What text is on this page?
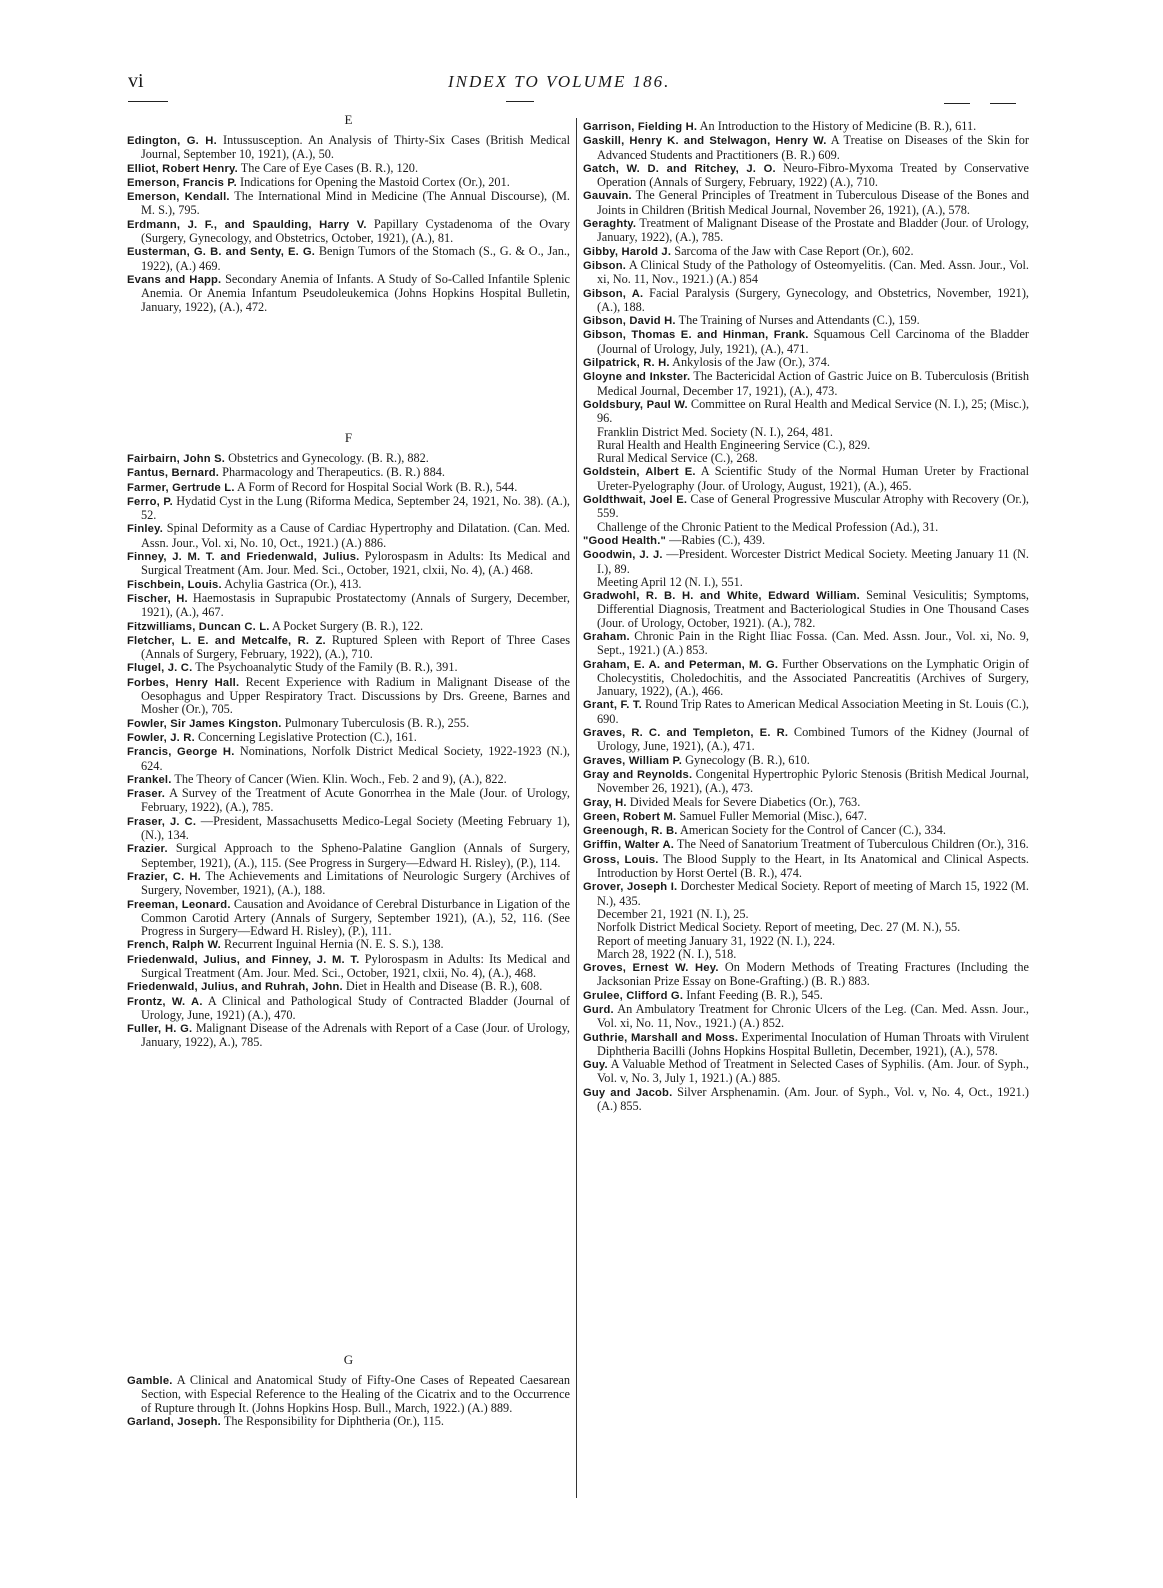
vi	INDEX TO VOLUME 186.
E
Edington, G. H. Intussusception. An Analysis of Thirty-Six Cases (British Medical Journal, September 10, 1921), (A.), 50.
Elliot, Robert Henry. The Care of Eye Cases (B. R.), 120.
Emerson, Francis P. Indications for Opening the Mastoid Cortex (Or.), 201.
Emerson, Kendall. The International Mind in Medicine (The Annual Discourse), (M. M. S.), 795.
Erdmann, J. F., and Spaulding, Harry V. Papillary Cystadenoma of the Ovary (Surgery, Gynecology, and Obstetrics, October, 1921), (A.), 81.
Eusterman, G. B. and Senty, E. G. Benign Tumors of the Stomach (S., G. & O., Jan., 1922), (A.) 469.
Evans and Happ. Secondary Anemia of Infants. A Study of So-Called Infantile Splenic Anemia. Or Anemia Infantum Pseudoleukemica (Johns Hopkins Hospital Bulletin, January, 1922), (A.), 472.
F
Fairbairn, John S. Obstetrics and Gynecology. (B. R.), 882.
Fantus, Bernard. Pharmacology and Therapeutics. (B. R.) 884.
Farmer, Gertrude L. A Form of Record for Hospital Social Work (B. R.), 544.
Ferro, P. Hydatid Cyst in the Lung (Riforma Medica, September 24, 1921, No. 38). (A.), 52.
Finley. Spinal Deformity as a Cause of Cardiac Hypertrophy and Dilatation. (Can. Med. Assn. Jour., Vol. xi, No. 10, Oct., 1921.) (A.) 886.
Finney, J. M. T. and Friedenwald, Julius. Pylorospasm in Adults: Its Medical and Surgical Treatment (Am. Jour. Med. Sci., October, 1921, clxii, No. 4), (A.) 468.
Fischbein, Louis. Achylia Gastrica (Or.), 413.
Fischer, H. Haemostasis in Suprapubic Prostatectomy (Annals of Surgery, December, 1921), (A.), 467.
Fitzwilliams, Duncan C. L. A Pocket Surgery (B. R.), 122.
Fletcher, L. E. and Metcalfe, R. Z. Ruptured Spleen with Report of Three Cases (Annals of Surgery, February, 1922), (A.), 710.
Flugel, J. C. The Psychoanalytic Study of the Family (B. R.), 391.
Forbes, Henry Hall. Recent Experience with Radium in Malignant Disease of the Oesophagus and Upper Respiratory Tract. Discussions by Drs. Greene, Barnes and Mosher (Or.), 705.
Fowler, Sir James Kingston. Pulmonary Tuberculosis (B. R.), 255.
Fowler, J. R. Concerning Legislative Protection (C.), 161.
Francis, George H. Nominations, Norfolk District Medical Society, 1922-1923 (N.), 624.
Frankel. The Theory of Cancer (Wien. Klin. Woch., Feb. 2 and 9), (A.), 822.
Fraser. A Survey of the Treatment of Acute Gonorrhea in the Male (Jour. of Urology, February, 1922), (A.), 785.
Fraser, J. C. —President, Massachusetts Medico-Legal Society (Meeting February 1), (N.), 134.
Frazier. Surgical Approach to the Spheno-Palatine Ganglion (Annals of Surgery, September, 1921), (A.), 115. (See Progress in Surgery—Edward H. Risley), (P.), 114.
Frazier, C. H. The Achievements and Limitations of Neurologic Surgery (Archives of Surgery, November, 1921), (A.), 188.
Freeman, Leonard. Causation and Avoidance of Cerebral Disturbance in Ligation of the Common Carotid Artery (Annals of Surgery, September 1921), (A.), 52, 116. (See Progress in Surgery—Edward H. Risley), (P.), 111.
French, Ralph W. Recurrent Inguinal Hernia (N. E. S. S.), 138.
Friedenwald, Julius, and Finney, J. M. T. Pylorospasm in Adults: Its Medical and Surgical Treatment (Am. Jour. Med. Sci., October, 1921, clxii, No. 4), (A.), 468.
Friedenwald, Julius, and Ruhrah, John. Diet in Health and Disease (B. R.), 608.
Frontz, W. A. A Clinical and Pathological Study of Contracted Bladder (Journal of Urology, June, 1921) (A.), 470.
Fuller, H. G. Malignant Disease of the Adrenals with Report of a Case (Jour. of Urology, January, 1922), A.), 785.
G
Gamble. A Clinical and Anatomical Study of Fifty-One Cases of Repeated Caesarean Section, with Especial Reference to the Healing of the Cicatrix and to the Occurrence of Rupture through It. (Johns Hopkins Hosp. Bull., March, 1922.) (A.) 889.
Garland, Joseph. The Responsibility for Diphtheria (Or.), 115.
Garrison, Fielding H. An Introduction to the History of Medicine (B. R.), 611.
Gaskill, Henry K. and Stelwagon, Henry W. A Treatise on Diseases of the Skin for Advanced Students and Practitioners (B. R.) 609.
Gatch, W. D. and Ritchey, J. O. Neuro-Fibro-Myxoma Treated by Conservative Operation (Annals of Surgery, February, 1922) (A.), 710.
Gauvain. The General Principles of Treatment in Tuberculous Disease of the Bones and Joints in Children (British Medical Journal, November 26, 1921), (A.), 578.
Geraghty. Treatment of Malignant Disease of the Prostate and Bladder (Jour. of Urology, January, 1922), (A.), 785.
Gibby, Harold J. Sarcoma of the Jaw with Case Report (Or.), 602.
Gibson. A Clinical Study of the Pathology of Osteomyelitis. (Can. Med. Assn. Jour., Vol. xi, No. 11, Nov., 1921.) (A.) 854
Gibson, A. Facial Paralysis (Surgery, Gynecology, and Obstetrics, November, 1921), (A.), 188.
Gibson, David H. The Training of Nurses and Attendants (C.), 159.
Gibson, Thomas E. and Hinman, Frank. Squamous Cell Carcinoma of the Bladder (Journal of Urology, July, 1921), (A.), 471.
Gilpatrick, R. H. Ankylosis of the Jaw (Or.), 374.
Gloyne and Inkster. The Bactericidal Action of Gastric Juice on B. Tuberculosis (British Medical Journal, December 17, 1921), (A.), 473.
Goldsbury, Paul W. Committee on Rural Health and Medical Service (N. I.), 25; (Misc.), 96.
Franklin District Med. Society (N. I.), 264, 481.
Rural Health and Health Engineering Service (C.), 829.
Rural Medical Service (C.), 268.
Goldstein, Albert E. A Scientific Study of the Normal Human Ureter by Fractional Ureter-Pyelography (Jour. of Urology, August, 1921), (A.), 465.
Goldthwait, Joel E. Case of General Progressive Muscular Atrophy with Recovery (Or.), 559.
Challenge of the Chronic Patient to the Medical Profession (Ad.), 31.
"Good Health." —Rabies (C.), 439.
Goodwin, J. J. —President. Worcester District Medical Society. Meeting January 11 (N. I.), 89.
Meeting April 12 (N. I.), 551.
Gradwohl, R. B. H. and White, Edward William. Seminal Vesiculitis; Symptoms, Differential Diagnosis, Treatment and Bacteriological Studies in One Thousand Cases (Jour. of Urology, October, 1921). (A.), 782.
Graham. Chronic Pain in the Right Iliac Fossa. (Can. Med. Assn. Jour., Vol. xi, No. 9, Sept., 1921.) (A.) 853.
Graham, E. A. and Peterman, M. G. Further Observations on the Lymphatic Origin of Cholecystitis, Choledochitis, and the Associated Pancreatitis (Archives of Surgery, January, 1922), (A.), 466.
Grant, F. T. Round Trip Rates to American Medical Association Meeting in St. Louis (C.), 690.
Graves, R. C. and Templeton, E. R. Combined Tumors of the Kidney (Journal of Urology, June, 1921), (A.), 471.
Graves, William P. Gynecology (B. R.), 610.
Gray and Reynolds. Congenital Hypertrophic Pyloric Stenosis (British Medical Journal, November 26, 1921), (A.), 473.
Gray, H. Divided Meals for Severe Diabetics (Or.), 763.
Green, Robert M. Samuel Fuller Memorial (Misc.), 647.
Greenough, R. B. American Society for the Control of Cancer (C.), 334.
Griffin, Walter A. The Need of Sanatorium Treatment of Tuberculous Children (Or.), 316.
Gross, Louis. The Blood Supply to the Heart, in Its Anatomical and Clinical Aspects. Introduction by Horst Oertel (B. R.), 474.
Grover, Joseph I. Dorchester Medical Society. Report of meeting of March 15, 1922 (M. N.), 435.
December 21, 1921 (N. I.), 25.
Norfolk District Medical Society. Report of meeting, Dec. 27 (M. N.), 55.
Report of meeting January 31, 1922 (N. I.), 224.
March 28, 1922 (N. I.), 518.
Groves, Ernest W. Hey. On Modern Methods of Treating Fractures (Including the Jacksonian Prize Essay on Bone-Grafting.) (B. R.) 883.
Grulee, Clifford G. Infant Feeding (B. R.), 545.
Gurd. An Ambulatory Treatment for Chronic Ulcers of the Leg. (Can. Med. Assn. Jour., Vol. xi, No. 11, Nov., 1921.) (A.) 852.
Guthrie, Marshall and Moss. Experimental Inoculation of Human Throats with Virulent Diphtheria Bacilli (Johns Hopkins Hospital Bulletin, December, 1921), (A.), 578.
Guy. A Valuable Method of Treatment in Selected Cases of Syphilis. (Am. Jour. of Syph., Vol. v, No. 3, July 1, 1921.) (A.) 885.
Guy and Jacob. Silver Arsphenamin. (Am. Jour. of Syph., Vol. v, No. 4, Oct., 1921.) (A.) 855.
